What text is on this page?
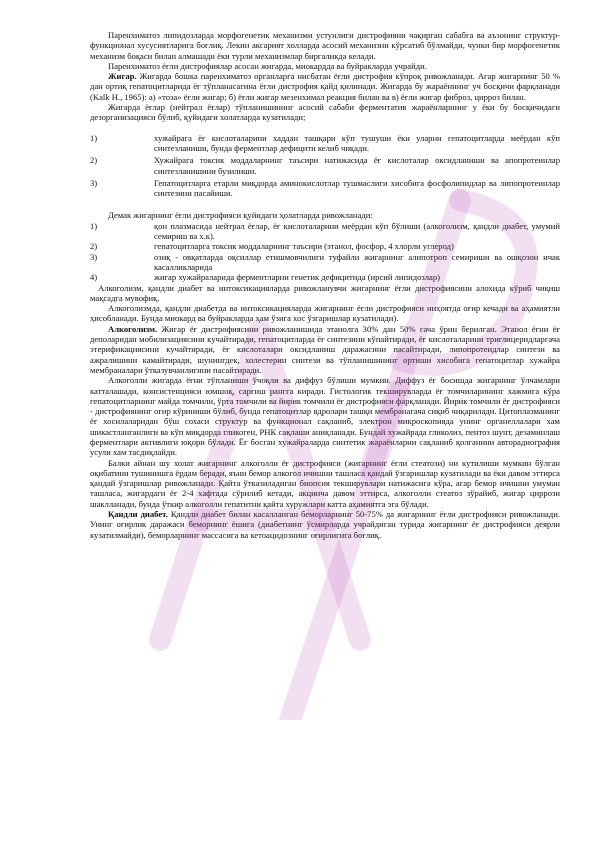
Паренхиматоз липидозларда морфогенетик механизми устунлиги дистрофияни чақирган сабабга ва аъзонинг структур-функционал хусусиятларига боғлиқ. Лекин аксарият холларда асосий механизни кўрсатиб бўлмайди, чунки бир морфогенетик механизм боқаси билан алмашади ёки турли механизмлар биргаликда келади.

Паренхиматоз ёғли дистрофиялар асосан жигарда, миокардда ва буйракларда учрайди.

Жигар. Жигарда бошка паренхиматоз органларга нисбатан ёғли дистрофия кўпроқ ривожланади. Агар жигарнинг 50 % дан ортиқ гепатоцитларида ёғ тўпланасагина ёғли дистрофия қайд қилинади. Жигарда бу жараённинг уч босқичи фарқланади (Kalk H., 1965): а) «тоза» ёғли жигар; б) ёғли жигар мезенхимал реакция билан ва в) ёғли жигар фиброз, цирроз билан.

Жигарда ёғлар (нейтрал ёғлар) тўпланишининг асосий сабаби ферментатив жараёнларнинг у ёки бу босқичидаги дезорганизацияси бўлиб, қуйидаги холатларда кузатилади;

1)	хужайрага ёғ кислоталарини хаддан ташқари кўп тушуши ёки уларни гепатоцитларда меёрдан кўп синтезланиши, бунда ферментлар дефицити келиб чиқади.
2)	Хужайрага токсик моддаларнинг таъсири натижасида ёғ кислоталар оксидланиши ва апопротеинлар синтезланишини бузилиши.
3)	Гепатоцитларга етарли миқдорда аминокислотлар тушмаслиги хисобига фосфолипидлар ва липопротеинлар синтезини пасайиши.

Демак жигарнинг ёғли дистрофияси қуйидаги ҳолатларда ривожланади:

1)	қон плазмасида нейтрал ёғлар, ёғ кислоталарини меёрдан кўп бўлиши (алкоголизм, қандли диабет, умумий семириш ва х.к).
2)	гепатоцитларга токсик моддаларнинг таъсири (этанол, фосфор, 4 хлорли углерод)
3)	озиқ - овқатларда оқсиллар етишмовчилиги туфайли жигарнинг алипотроп семириши ва ошқозон ичак касалликларида
4)	жигар хужайраларида ферментларни генетик дефицитида (ирсий липидозлар)

Алкоголизм, қандли диабет ва интоксикацияларда ривожланувчи жигарнинг ёғли дистрофиясини алохида кўриб чиқиш мақсадга мувофиқ.

Алкоголизмда, қандли диабетда ва интоксикацияларда жигарнинг ёғли дистрофияси ниҳоятда оғир кечади ва аҳамиятли ҳисобланади. Бунда миокард ва буйракларда ҳам ўзига хос ўзгаришлар кузатилади).

Алкоголизм. Жигар ёғ дистрофиясини ривожланишида этанолга 30% дан 50% гача ўрин берилган. Этанол ёғни ёғ деполаридан мобилизациясини кучайтиради, гепатоцитларда ёғ синтезини кўпайтиради, ёғ кислоталарини триглицеридларгача этерификациясини кучайтиради, ёғ кислоталари оксидланиш даражасини пасайтиради, липопротеидлар синтези ва ажралишини камайтиради, шунингдек, холестерин синтези ва тўпланишининг ортиши хисобига гепатоцитлар хужайра мембраналари ўтказувчанлигини пасайтиради.

Алкоголли жигарда ёғни тўпланиши ўчоқли ва диффуз бўлиши мумкин. Диффуз ёғ босишда жигарнинг ўлчамлари катталашади, консистенцияси юмшоқ, сарғиш рангга киради. Гистологик текширувларда ёғ томчиларининг хажмига кўра гепатоцитларнинг майда томчили, ўрта томчили ва йирик томчили ёғ дистрофияси фарқланади. Йирик томчили ёғ дистрофияси - дистрофиянинг оғир кўриниши бўлиб, бунда гепатоцитлар ядролари ташқи мембранагача сиқиб чиқарилади. Цитоплазманинг ёғ хосилаларидан бўш сохаси структур ва функционал сақланиб, электрон микроскопияда унинг органеллалари хам шикастланганлиги ва кўп миқдорда гликоген, РНК сақлаши аниқланади. Бундай хужайрада гликолиз, пентоз шунт, дезаминлаш ферментлари активлиги юқори бўлади. Ёғ босган хужайраларда синтетик жараёнларни сақланиб қолганини авторадиография усули хам тасдиқлайди.

Балки айнан шу холат жигарнинг алкоголли ёғ дистрофияси (жигарнинг ёғли стеатози) ни кутилиши мумкин бўлган оқибатини тушинишга ёрдам беради, яъни бемор алкогол ичишни ташласа қандай ўзгаришлар кузатилади ва ёки давом эттирса қандай ўзгаришлар ривожланади. Қайта ўтказиладиган биопсия текширувлари натижасига кўра, агар бемор ичишни умуман ташласа, жигардаги ёғ 2-4 хафтада сўрилиб кетади, акцинча давом эттирса, алкоголли стеатоз зўрайиб, жигар циррози шаклланади, бунда ўткир алкоголли гепатитни қайта хуружлари катта аҳамиятга эга бўлади.

Қандли диабет. Қандли диабет билан касалланган беморларнинг 50-75% да жигарнинг ёғли дистрофияси ривожланади. Унинг оғирлик даражаси беморнинг ёшига (диабетнинг ўсмирларда учрайдиган турида жигарнинг ёғ дистрофияси деярли кузатилмайди), беморларнинг массасига ва кетоацидознинг оғирлигига боғлиқ.
